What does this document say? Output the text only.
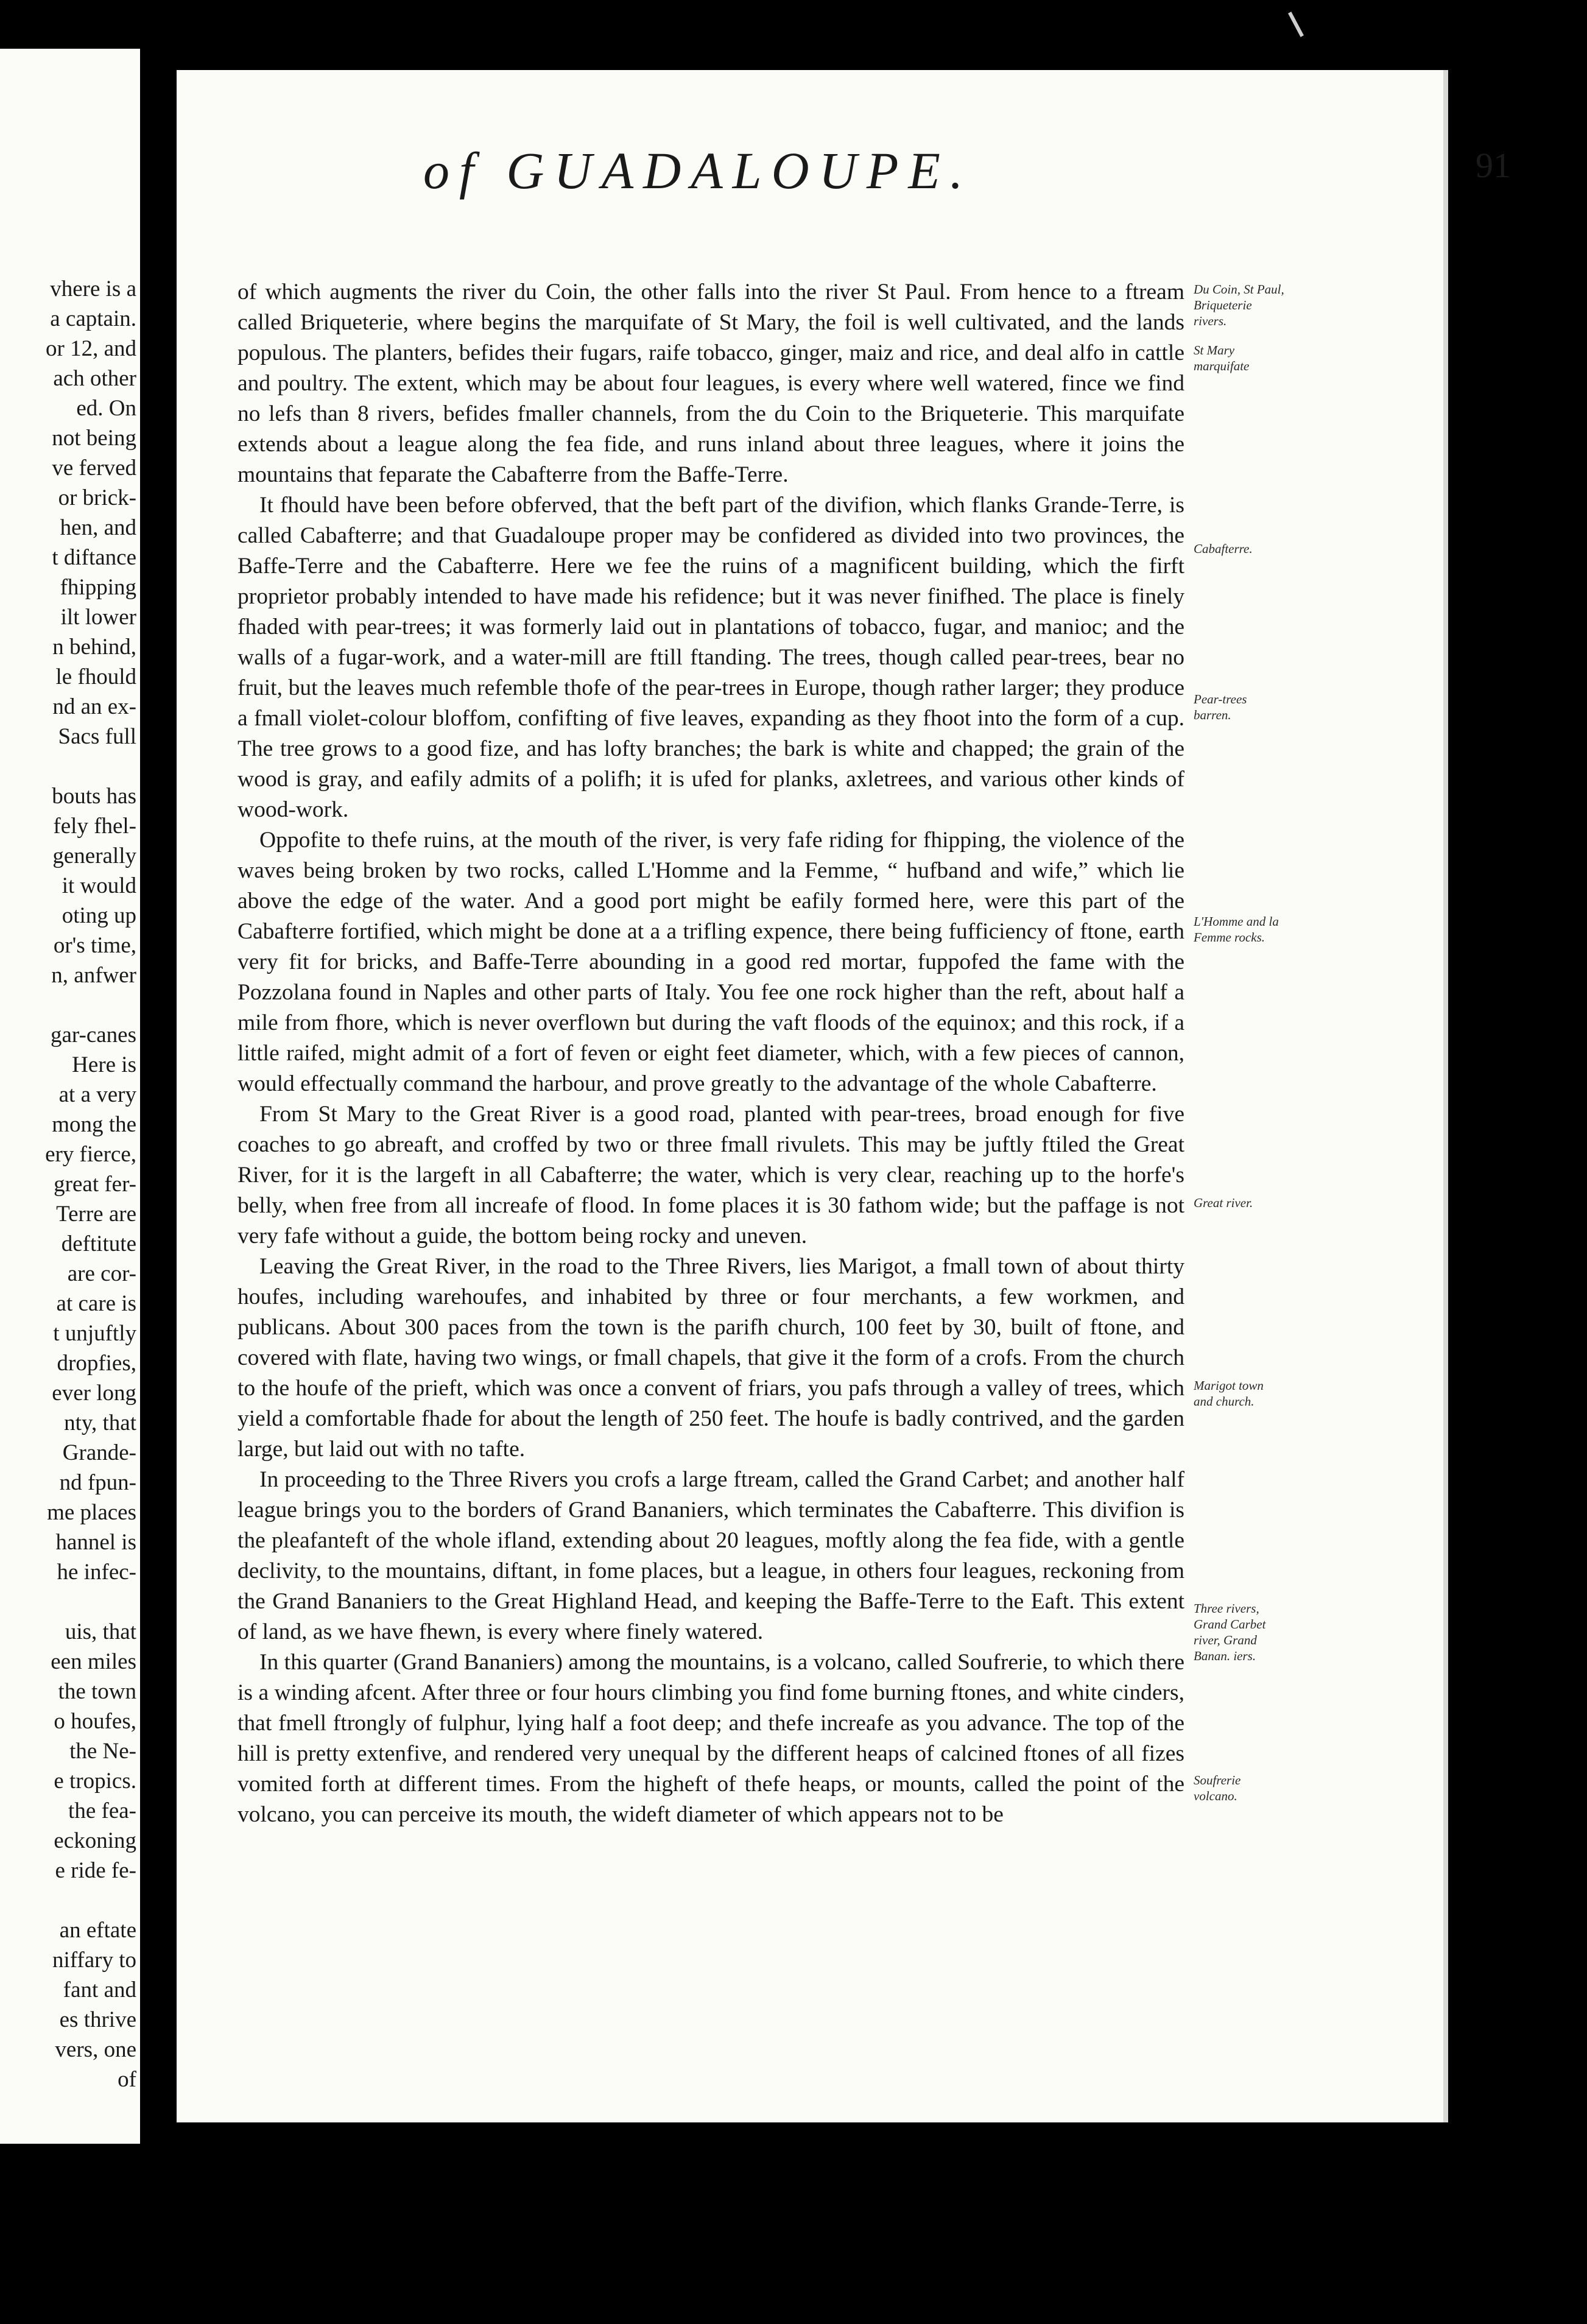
vhere is a
a captain.
or 12, and
ach other
ed. On
not being
ve ferved
or brick-
hen, and
t diftance
fhipping
ilt lower
n behind,
le fhould
nd an ex-
Sacs full
bouts has
fely fhel-
generally
it would
oting up
or's time,
n, anfwer
gar-canes
Here is
at a very
mong the
ery fierce,
great fer-
Terre are
deftitute
are cor-
at care is
t unjuftly
dropfies,
ever long
nty, that
Grande-
nd fpun-
me places
hannel is
he infec-
uis, that
een miles
the town
o houfes,
the Ne-
e tropics.
the fea-
eckoning
e ride fe-
an eftate
niffary to
fant and
es thrive
vers, one
of
of GUADALOUPE.	91

of which augments the river du Coin, the other falls into the river St Paul. From hence to a ftream called Briqueterie, where begins the marquifate of St Mary, the foil is well cultivated, and the lands populous. The planters, befides their fugars, raife tobacco, ginger, maiz and rice, and deal alfo in cattle and poultry. The extent, which may be about four leagues, is every where well watered, fince we find no lefs than 8 rivers, befides fmaller channels, from the du Coin to the Briqueterie. This marquifate extends about a league along the fea fide, and runs inland about three leagues, where it joins the mountains that feparate the Cabafterre from the Baffe-Terre.

It fhould have been before obferved, that the beft part of the divifion, which flanks Grande-Terre, is called Cabafterre; and that Guadaloupe proper may be confidered as divided into two provinces, the Baffe-Terre and the Cabafterre. Here we fee the ruins of a magnificent building, which the firft proprietor probably intended to have made his refidence; but it was never finifhed. The place is finely fhaded with pear-trees; it was formerly laid out in plantations of tobacco, fugar, and manioc; and the walls of a fugar-work, and a water-mill are ftill ftanding. The trees, though called pear-trees, bear no fruit, but the leaves much refemble thofe of the pear-trees in Europe, though rather larger; they produce a fmall violet-colour bloffom, confifting of five leaves, expanding as they fhoot into the form of a cup. The tree grows to a good fize, and has lofty branches; the bark is white and chapped; the grain of the wood is gray, and eafily admits of a polifh; it is ufed for planks, axletrees, and various other kinds of wood-work.

Oppofite to thefe ruins, at the mouth of the river, is very fafe riding for fhipping, the violence of the waves being broken by two rocks, called L'Homme and la Femme, “ hufband and wife,” which lie above the edge of the water. And a good port might be eafily formed here, were this part of the Cabafterre fortified, which might be done at a a trifling expence, there being fufficiency of ftone, earth very fit for bricks, and Baffe-Terre abounding in a good red mortar, fuppofed the fame with the Pozzolana found in Naples and other parts of Italy. You fee one rock higher than the reft, about half a mile from fhore, which is never overflown but during the vaft floods of the equinox; and this rock, if a little raifed, might admit of a fort of feven or eight feet diameter, which, with a few pieces of cannon, would effectually command the harbour, and prove greatly to the advantage of the whole Cabafterre.

From St Mary to the Great River is a good road, planted with pear-trees, broad enough for five coaches to go abreaft, and croffed by two or three fmall rivulets. This may be juftly ftiled the Great River, for it is the largeft in all Cabafterre; the water, which is very clear, reaching up to the horfe's belly, when free from all increafe of flood. In fome places it is 30 fathom wide; but the paffage is not very fafe without a guide, the bottom being rocky and uneven.

Leaving the Great River, in the road to the Three Rivers, lies Marigot, a fmall town of about thirty houfes, including warehoufes, and inhabited by three or four merchants, a few workmen, and publicans. About 300 paces from the town is the parifh church, 100 feet by 30, built of ftone, and covered with flate, having two wings, or fmall chapels, that give it the form of a crofs. From the church to the houfe of the prieft, which was once a convent of friars, you pafs through a valley of trees, which yield a comfortable fhade for about the length of 250 feet. The houfe is badly contrived, and the garden large, but laid out with no tafte.

In proceeding to the Three Rivers you crofs a large ftream, called the Grand Carbet; and another half league brings you to the borders of Grand Bananiers, which terminates the Cabafterre. This divifion is the pleafanteft of the whole ifland, extending about 20 leagues, moftly along the fea fide, with a gentle declivity, to the mountains, diftant, in fome places, but a league, in others four leagues, reckoning from the Grand Bananiers to the Great Highland Head, and keeping the Baffe-Terre to the Eaft. This extent of land, as we have fhewn, is every where finely watered.

In this quarter (Grand Bananiers) among the mountains, is a volcano, called Soufrerie, to which there is a winding afcent. After three or four hours climbing you find fome burning ftones, and white cinders, that fmell ftrongly of fulphur, lying half a foot deep; and thefe increafe as you advance. The top of the hill is pretty extenfive, and rendered very unequal by the different heaps of calcined ftones of all fizes vomited forth at different times. From the higheft of thefe heaps, or mounts, called the point of the volcano, you can perceive its mouth, the wideft diameter of which appears not to be

Du Coin, St Paul, Briqueterie rivers.
St Mary marquifate
Cabafterre.
Pear-trees barren.
L'Homme and la Femme rocks.
Great river.
Marigot town and church.
Three rivers, Grand Carbet river, Grand Banan. iers.
Soufrerie volcano.
